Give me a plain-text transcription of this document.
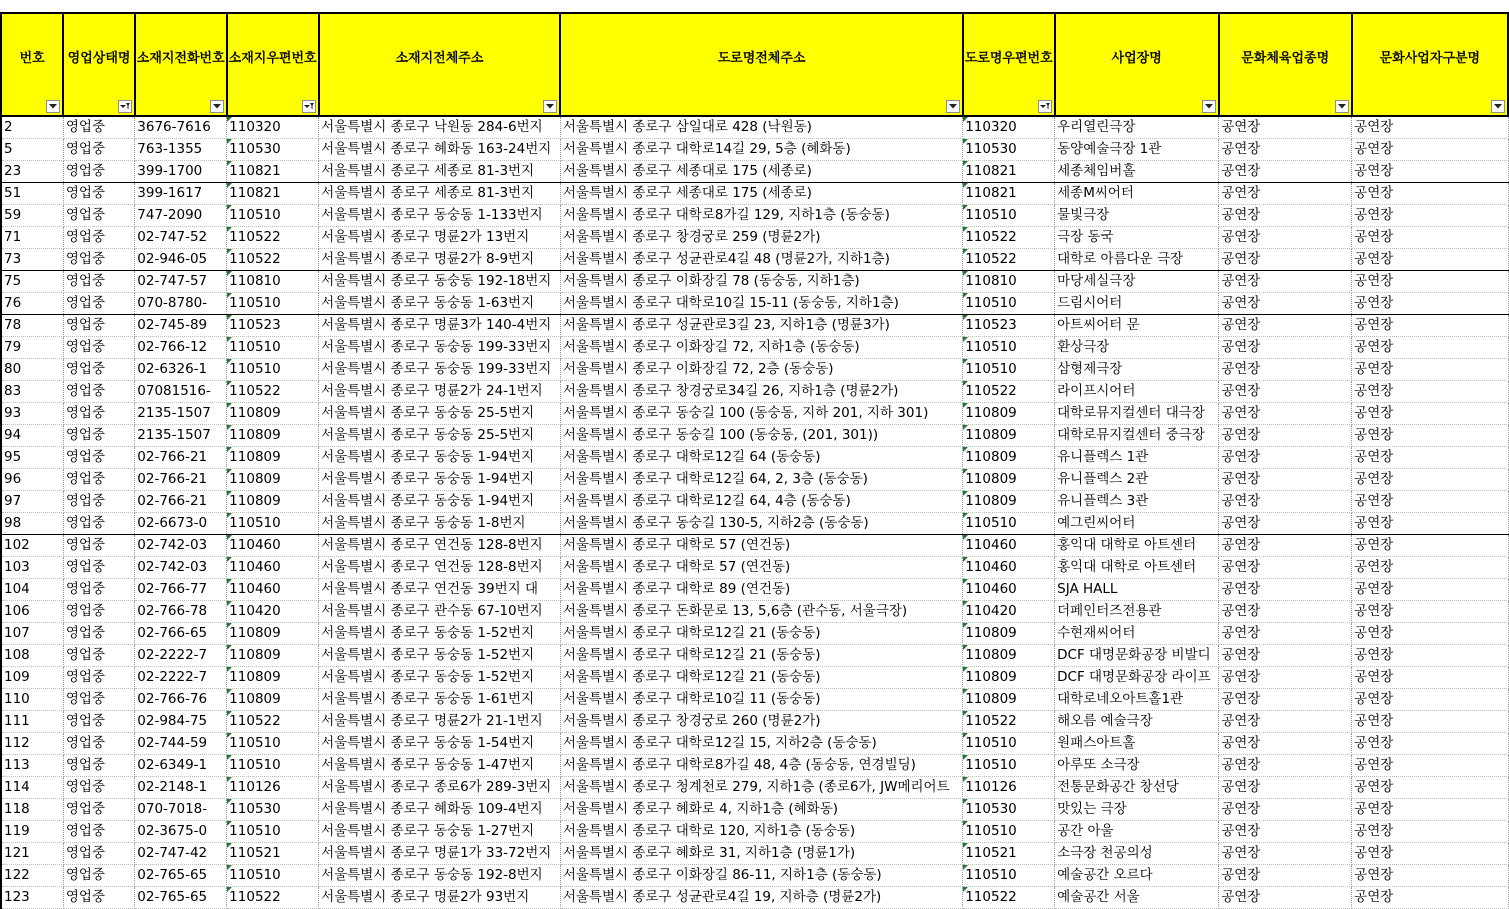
번호	영업상태명	소재지전화번호	소재지우편번호	소재지전체주소	도로명전체주소	도로명우편번호	사업장명	문화체육업종명	문화사업자구분명

2	영업중	3676-7616	110320	서울특별시 종로구 낙원동 284-6번지	서울특별시 종로구 삼일대로 428 (낙원동)	110320	우리열린극장	공연장	공연장
5	영업중	763-1355	110530	서울특별시 종로구 혜화동 163-24번지	서울특별시 종로구 대학로14길 29, 5층 (혜화동)	110530	동양예술극장 1관	공연장	공연장
23	영업중	399-1700	110821	서울특별시 종로구 세종로 81-3번지	서울특별시 종로구 세종대로 175 (세종로)	110821	세종체임버홀	공연장	공연장
51	영업중	399-1617	110821	서울특별시 종로구 세종로 81-3번지	서울특별시 종로구 세종대로 175 (세종로)	110821	세종M씨어터	공연장	공연장
59	영업중	747-2090	110510	서울특별시 종로구 동숭동 1-133번지	서울특별시 종로구 대학로8가길 129, 지하1층 (동숭동)	110510	물빛극장	공연장	공연장
71	영업중	02-747-52	110522	서울특별시 종로구 명륜2가 13번지	서울특별시 종로구 창경궁로 259 (명륜2가)	110522	극장 동국	공연장	공연장
73	영업중	02-946-05	110522	서울특별시 종로구 명륜2가 8-9번지	서울특별시 종로구 성균관로4길 48 (명륜2가, 지하1층)	110522	대학로 아름다운 극장	공연장	공연장
75	영업중	02-747-57	110810	서울특별시 종로구 동숭동 192-18번지	서울특별시 종로구 이화장길 78 (동숭동, 지하1층)	110810	마당세실극장	공연장	공연장
76	영업중	070-8780-	110510	서울특별시 종로구 동숭동 1-63번지	서울특별시 종로구 대학로10길 15-11 (동숭동, 지하1층)	110510	드림시어터	공연장	공연장
78	영업중	02-745-89	110523	서울특별시 종로구 명륜3가 140-4번지	서울특별시 종로구 성균관로3길 23, 지하1층 (명륜3가)	110523	아트씨어터 문	공연장	공연장
79	영업중	02-766-12	110510	서울특별시 종로구 동숭동 199-33번지	서울특별시 종로구 이화장길 72, 지하1층 (동숭동)	110510	환상극장	공연장	공연장
80	영업중	02-6326-1	110510	서울특별시 종로구 동숭동 199-33번지	서울특별시 종로구 이화장길 72, 2층 (동숭동)	110510	삼형제극장	공연장	공연장
83	영업중	07081516-	110522	서울특별시 종로구 명륜2가 24-1번지	서울특별시 종로구 창경궁로34길 26, 지하1층 (명륜2가)	110522	라이프시어터	공연장	공연장
93	영업중	2135-1507	110809	서울특별시 종로구 동숭동 25-5번지	서울특별시 종로구 동숭길 100 (동숭동, 지하 201, 지하 301)	110809	대학로뮤지컬센터 대극장	공연장	공연장
94	영업중	2135-1507	110809	서울특별시 종로구 동숭동 25-5번지	서울특별시 종로구 동숭길 100 (동숭동, (201, 301))	110809	대학로뮤지컬센터 중극장	공연장	공연장
95	영업중	02-766-21	110809	서울특별시 종로구 동숭동 1-94번지	서울특별시 종로구 대학로12길 64 (동숭동)	110809	유니플렉스 1관	공연장	공연장
96	영업중	02-766-21	110809	서울특별시 종로구 동숭동 1-94번지	서울특별시 종로구 대학로12길 64, 2, 3층 (동숭동)	110809	유니플렉스 2관	공연장	공연장
97	영업중	02-766-21	110809	서울특별시 종로구 동숭동 1-94번지	서울특별시 종로구 대학로12길 64, 4층 (동숭동)	110809	유니플렉스 3관	공연장	공연장
98	영업중	02-6673-0	110510	서울특별시 종로구 동숭동 1-8번지	서울특별시 종로구 동숭길 130-5, 지하2층 (동숭동)	110510	예그린씨어터	공연장	공연장
102	영업중	02-742-03	110460	서울특별시 종로구 연건동 128-8번지	서울특별시 종로구 대학로 57 (연건동)	110460	홍익대 대학로 아트센터	공연장	공연장
103	영업중	02-742-03	110460	서울특별시 종로구 연건동 128-8번지	서울특별시 종로구 대학로 57 (연건동)	110460	홍익대 대학로 아트센터	공연장	공연장
104	영업중	02-766-77	110460	서울특별시 종로구 연건동 39번지 대	서울특별시 종로구 대학로 89 (연건동)	110460	SJA HALL	공연장	공연장
106	영업중	02-766-78	110420	서울특별시 종로구 관수동 67-10번지	서울특별시 종로구 돈화문로 13, 5,6층 (관수동, 서울극장)	110420	더페인터즈전용관	공연장	공연장
107	영업중	02-766-65	110809	서울특별시 종로구 동숭동 1-52번지	서울특별시 종로구 대학로12길 21 (동숭동)	110809	수현재씨어터	공연장	공연장
108	영업중	02-2222-7	110809	서울특별시 종로구 동숭동 1-52번지	서울특별시 종로구 대학로12길 21 (동숭동)	110809	DCF 대명문화공장 비발디	공연장	공연장
109	영업중	02-2222-7	110809	서울특별시 종로구 동숭동 1-52번지	서울특별시 종로구 대학로12길 21 (동숭동)	110809	DCF 대명문화공장 라이프	공연장	공연장
110	영업중	02-766-76	110809	서울특별시 종로구 동숭동 1-61번지	서울특별시 종로구 대학로10길 11 (동숭동)	110809	대학로네오아트홀1관	공연장	공연장
111	영업중	02-984-75	110522	서울특별시 종로구 명륜2가 21-1번지	서울특별시 종로구 창경궁로 260 (명륜2가)	110522	해오름 예술극장	공연장	공연장
112	영업중	02-744-59	110510	서울특별시 종로구 동숭동 1-54번지	서울특별시 종로구 대학로12길 15, 지하2층 (동숭동)	110510	원패스아트홀	공연장	공연장
113	영업중	02-6349-1	110510	서울특별시 종로구 동숭동 1-47번지	서울특별시 종로구 대학로8가길 48, 4층 (동숭동, 연경빌딩)	110510	아루또 소극장	공연장	공연장
114	영업중	02-2148-1	110126	서울특별시 종로구 종로6가 289-3번지	서울특별시 종로구 청계천로 279, 지하1층 (종로6가, JW메리어트	110126	전통문화공간 창선당	공연장	공연장
118	영업중	070-7018-	110530	서울특별시 종로구 혜화동 109-4번지	서울특별시 종로구 혜화로 4, 지하1층 (혜화동)	110530	맛있는 극장	공연장	공연장
119	영업중	02-3675-0	110510	서울특별시 종로구 동숭동 1-27번지	서울특별시 종로구 대학로 120, 지하1층 (동숭동)	110510	공간 아울	공연장	공연장
121	영업중	02-747-42	110521	서울특별시 종로구 명륜1가 33-72번지	서울특별시 종로구 혜화로 31, 지하1층 (명륜1가)	110521	소극장 천공의성	공연장	공연장
122	영업중	02-765-65	110510	서울특별시 종로구 동숭동 192-8번지	서울특별시 종로구 이화장길 86-11, 지하1층 (동숭동)	110510	예술공간 오르다	공연장	공연장
123	영업중	02-765-65	110522	서울특별시 종로구 명륜2가 93번지	서울특별시 종로구 성균관로4길 19, 지하층 (명륜2가)	110522	예술공간 서울	공연장	공연장
